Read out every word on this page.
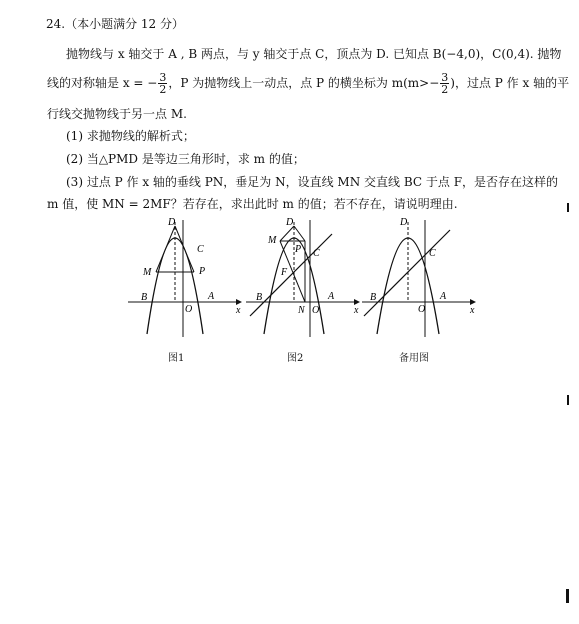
24.（本小题满分 12 分）
抛物线与 x 轴交于 A , B 两点，与 y 轴交于点 C，顶点为 D. 已知点 B(−4,0)，C(0,4). 抛物
线的对称轴是 x = − $\frac{3}{2}$ ，P 为抛物线上一动点，点 P 的横坐标为 $m(m>- \frac{3}{2}$ )，过点 P 作 x 轴的平
行线交抛物线于另一点 M.
(1) 求抛物线的解析式；
(2) 当△PMD 是等边三角形时，求 m 的值；
(3) 过点 P 作 x 轴的垂线 PN，垂足为 N，设直线 MN 交直线 BC 于点 F，是否存在这样的
m 值，使 MN = 2MF？若存在，求出此时 m 的值；若不存在，请说明理由.
D
C
M	P
B	A
O	x
图1
D
M
P C
F
B	A
N O	x
图2
D
C
B	A
O	x
备用图
